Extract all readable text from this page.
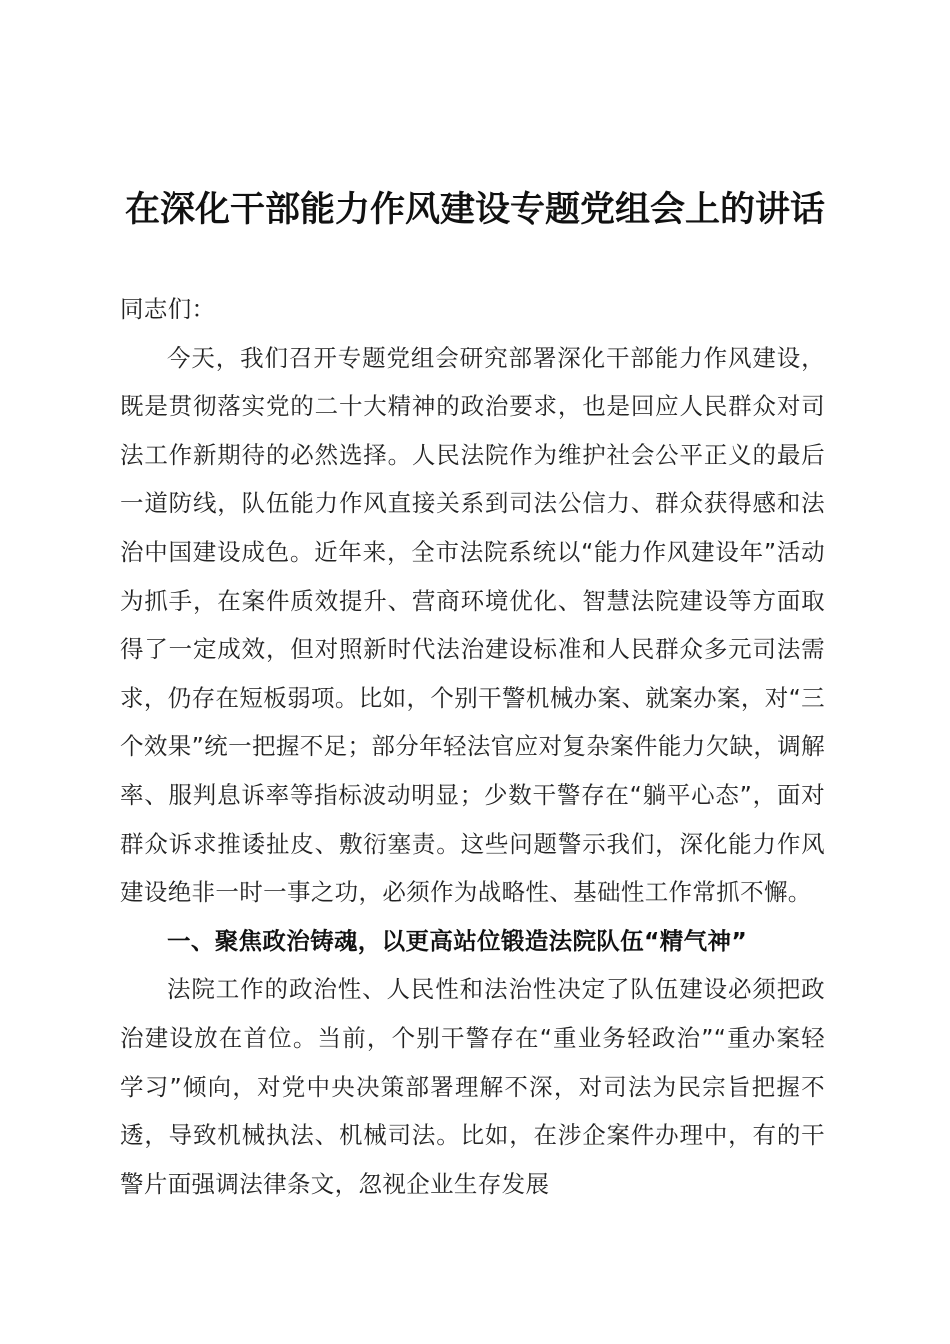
在深化干部能力作风建设专题党组会上的讲话

同志们：

今天，我们召开专题党组会研究部署深化干部能力作风建设，既是贯彻落实党的二十大精神的政治要求，也是回应人民群众对司法工作新期待的必然选择。人民法院作为维护社会公平正义的最后一道防线，队伍能力作风直接关系到司法公信力、群众获得感和法治中国建设成色。近年来，全市法院系统以“能力作风建设年”活动为抓手，在案件质效提升、营商环境优化、智慧法院建设等方面取得了一定成效，但对照新时代法治建设标准和人民群众多元司法需求，仍存在短板弱项。比如，个别干警机械办案、就案办案，对“三个效果”统一把握不足；部分年轻法官应对复杂案件能力欠缺，调解率、服判息诉率等指标波动明显；少数干警存在“躺平心态”，面对群众诉求推诿扯皮、敷衍塞责。这些问题警示我们，深化能力作风建设绝非一时一事之功，必须作为战略性、基础性工作常抓不懈。

一、聚焦政治铸魂，以更高站位锻造法院队伍“精气神”

法院工作的政治性、人民性和法治性决定了队伍建设必须把政治建设放在首位。当前，个别干警存在“重业务轻政治”“重办案轻学习”倾向，对党中央决策部署理解不深，对司法为民宗旨把握不透，导致机械执法、机械司法。比如，在涉企案件办理中，有的干警片面强调法律条文，忽视企业生存发展
